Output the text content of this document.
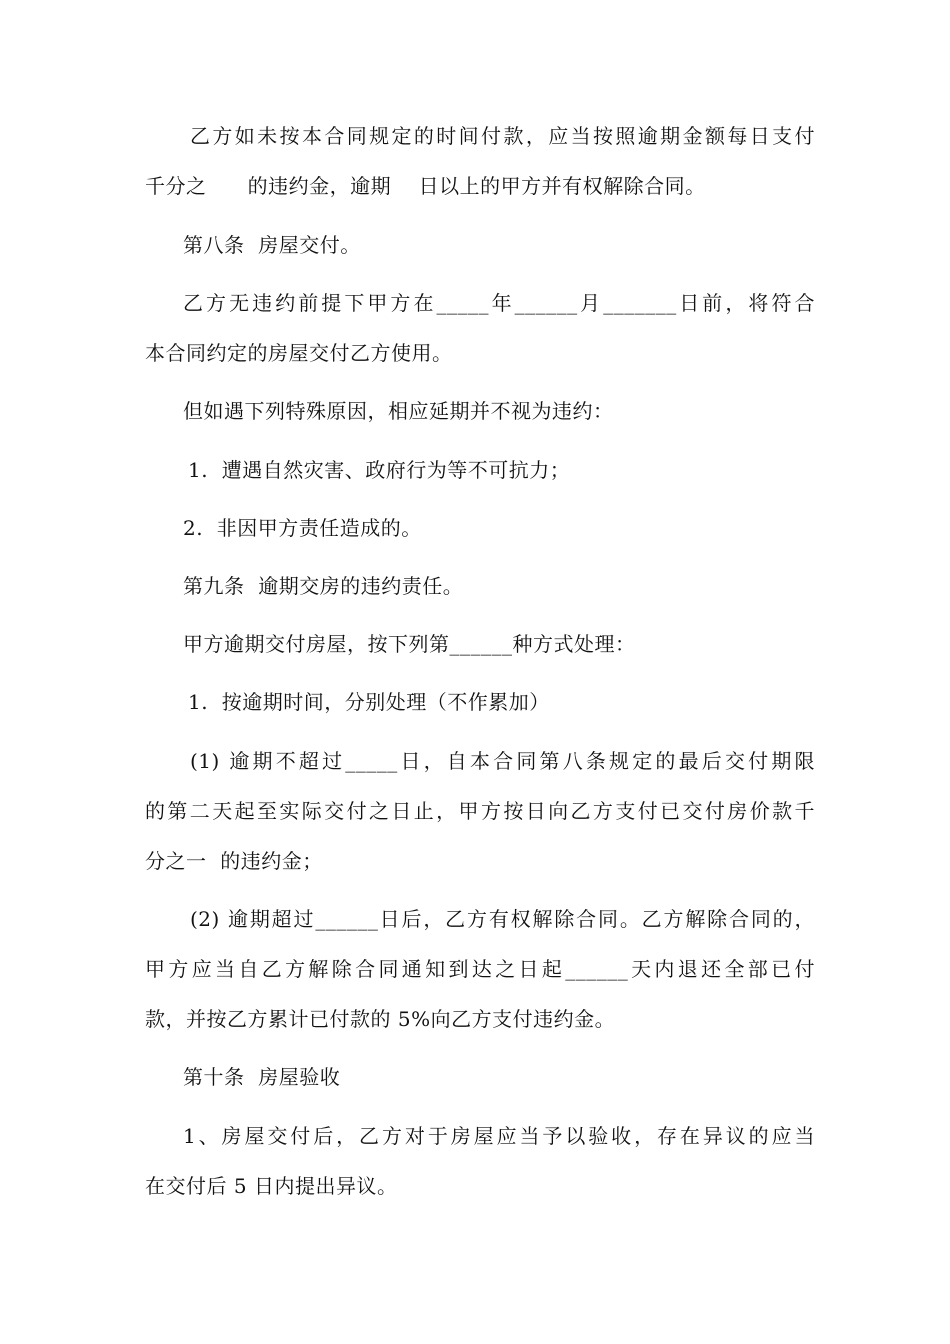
乙方如未按本合同规定的时间付款，应当按照逾期金额每日支付

千分之      的违约金，逾期    日以上的甲方并有权解除合同。

第八条  房屋交付。

乙方无违约前提下甲方在_____年______月_______日前，将符合

本合同约定的房屋交付乙方使用。

但如遇下列特殊原因，相应延期并不视为违约：

1.  遭遇自然灾害、政府行为等不可抗力；

2.  非因甲方责任造成的。

第九条  逾期交房的违约责任。

甲方逾期交付房屋，按下列第______种方式处理：

1.  按逾期时间，分别处理（不作累加）

(1) 逾期不超过_____日，自本合同第八条规定的最后交付期限

的第二天起至实际交付之日止，甲方按日向乙方支付已交付房价款千

分之一  的违约金；

(2) 逾期超过______日后，乙方有权解除合同。乙方解除合同的，

甲方应当自乙方解除合同通知到达之日起______天内退还全部已付

款，并按乙方累计已付款的 5%向乙方支付违约金。

第十条  房屋验收

1、房屋交付后，乙方对于房屋应当予以验收，存在异议的应当

在交付后 5 日内提出异议。
